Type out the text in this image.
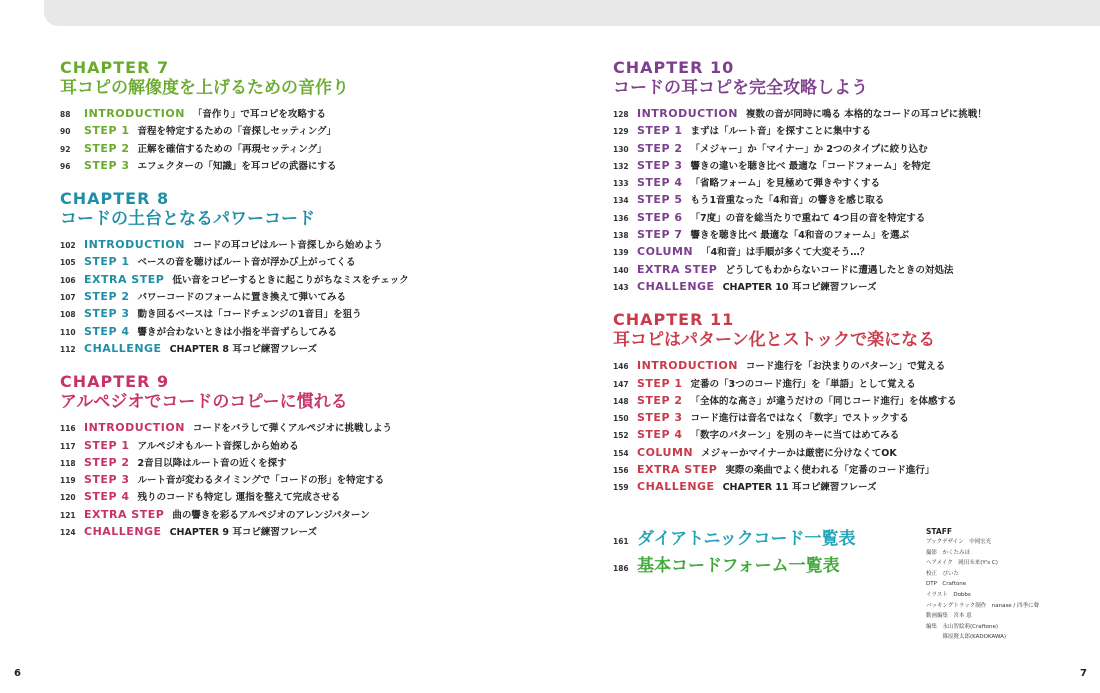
CHAPTER 7
耳コピの解像度を上げるための音作り
88	INTRODUCTION 「音作り」で耳コピを攻略する
90	STEP 1 音程を特定するための「音探しセッティング」
92	STEP 2 正解を確信するための「再現セッティング」
96	STEP 3 エフェクターの「知識」を耳コピの武器にする
CHAPTER 8
コードの土台となるパワーコード
102 INTRODUCTION コードの耳コピはルート音探しから始めよう
105 STEP 1 ベースの音を聴けばルート音が浮かび上がってくる
106 EXTRA STEP 低い音をコピーするときに起こりがちなミスをチェック
107 STEP 2 パワーコードのフォームに置き換えて弾いてみる
108 STEP 3 動き回るベースは「コードチェンジの1音目」を狙う
110 STEP 4 響きが合わないときは小指を半音ずらしてみる
112 CHALLENGE CHAPTER 8 耳コピ練習フレーズ
CHAPTER 9
アルペジオでコードのコピーに慣れる
116 INTRODUCTION コードをバラして弾くアルペジオに挑戦しよう
117 STEP 1 アルペジオもルート音探しから始める
118 STEP 2 2音目以降はルート音の近くを探す
119 STEP 3 ルート音が変わるタイミングで「コードの形」を特定する
120 STEP 4 残りのコードも特定し 運指を整えて完成させる
121 EXTRA STEP 曲の響きを彩るアルペジオのアレンジパターン
124 CHALLENGE CHAPTER 9 耳コピ練習フレーズ
CHAPTER 10
コードの耳コピを完全攻略しよう
128 INTRODUCTION 複数の音が同時に鳴る 本格的なコードの耳コピに挑戦！
129 STEP 1 まずは「ルート音」を探すことに集中する
130 STEP 2 「メジャー」か「マイナー」か 2つのタイプに絞り込む
132 STEP 3 響きの違いを聴き比べ 最適な「コードフォーム」を特定
133 STEP 4 「省略フォーム」を見極めて弾きやすくする
134 STEP 5 もう1音重なった「4和音」の響きを感じ取る
136 STEP 6 「7度」の音を総当たりで重ねて 4つ目の音を特定する
138 STEP 7 響きを聴き比べ 最適な「4和音のフォーム」を選ぶ
139 COLUMN 「4和音」は手順が多くて大変そう…？
140 EXTRA STEP どうしてもわからないコードに遭遇したときの対処法
143 CHALLENGE CHAPTER 10 耳コピ練習フレーズ
CHAPTER 11
耳コピはパターン化とストックで楽になる
146 INTRODUCTION コード進行を「お決まりのパターン」で覚える
147 STEP 1 定番の「3つのコード進行」を「単語」として覚える
148 STEP 2 「全体的な高さ」が違うだけの「同じコード進行」を体感する
150 STEP 3 コード進行は音名ではなく「数字」でストックする
152 STEP 4 「数字のパターン」を別のキーに当てはめてみる
154 COLUMN メジャーかマイナーかは厳密に分けなくてOK
156 EXTRA STEP 実際の楽曲でよく使われる「定番のコード進行」
159 CHALLENGE CHAPTER 11 耳コピ練習フレーズ
161 ダイアトニックコード一覧表
186 基本コードフォーム一覧表
STAFF
ブックデザイン　中岡宏光
撮影　かくたみほ
ヘアメイク　岡田未来(Y's C)
校正　ぴいた
DTP　Craftone
イラスト　Dobbs
バッキングトラック制作　nanase / 四季に聲
動画編集　宮本 恵
編集　永山智絵莉(Craftone)
　　　篠原賢太郎(KADOKAWA)
6	7
